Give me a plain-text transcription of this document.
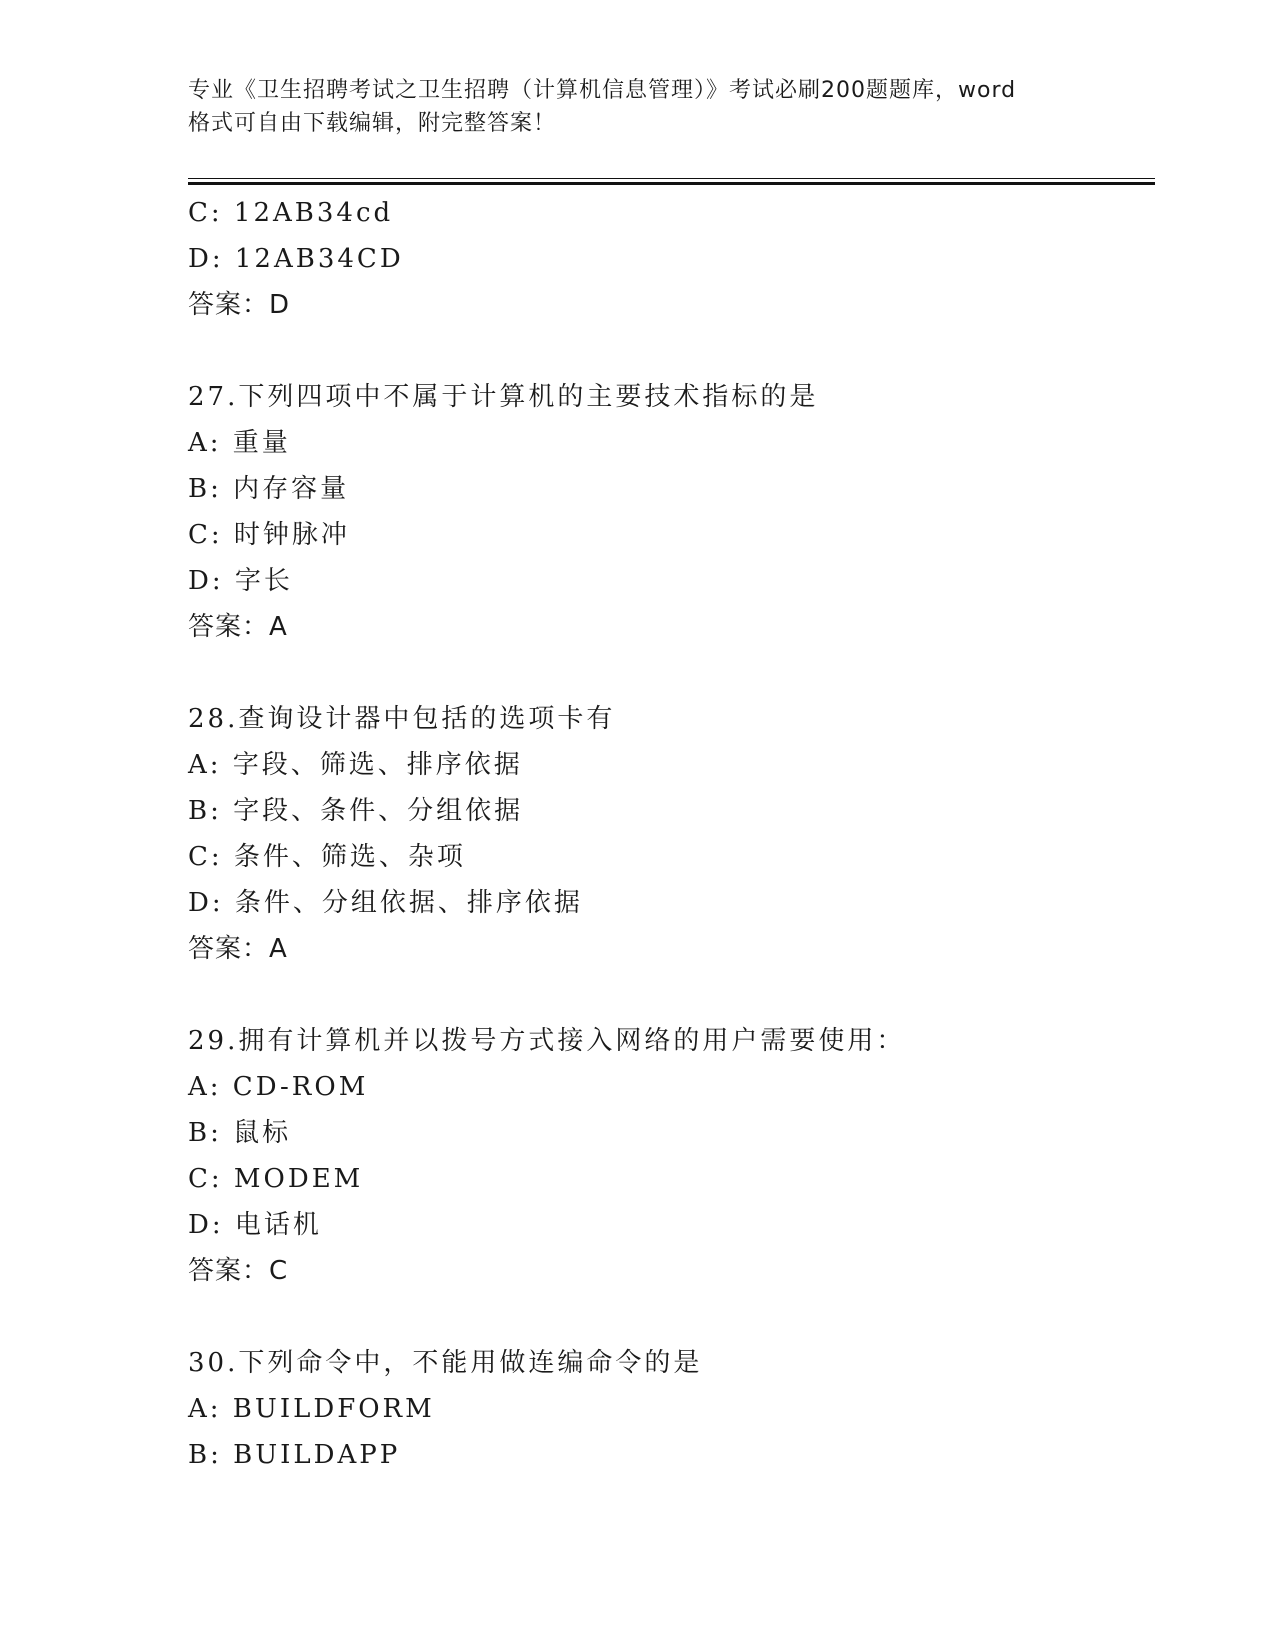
专业《卫生招聘考试之卫生招聘（计算机信息管理）》考试必刷200题题库，word
格式可自由下载编辑，附完整答案！
C: 12AB34cd
D: 12AB34CD
答案：D
27.下列四项中不属于计算机的主要技术指标的是
A: 重量
B: 内存容量
C: 时钟脉冲
D: 字长
答案：A
28.查询设计器中包括的选项卡有
A: 字段、筛选、排序依据
B: 字段、条件、分组依据
C: 条件、筛选、杂项
D: 条件、分组依据、排序依据
答案：A
29.拥有计算机并以拨号方式接入网络的用户需要使用：
A: CD-ROM
B: 鼠标
C: MODEM
D: 电话机
答案：C
30.下列命令中，不能用做连编命令的是
A: BUILDFORM
B: BUILDAPP
